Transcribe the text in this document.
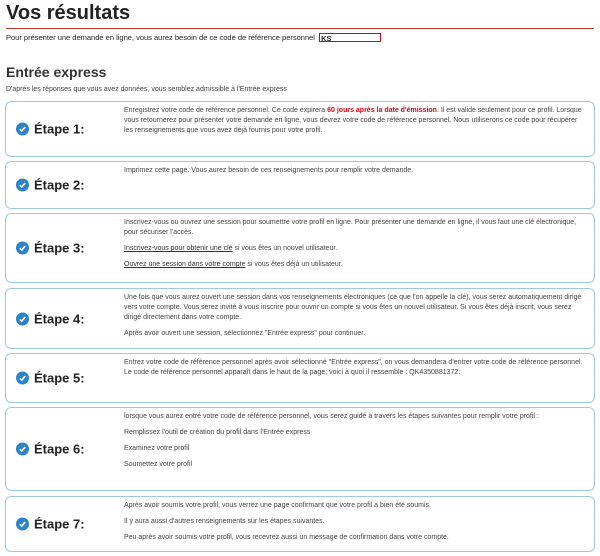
Vos résultats
Pour présenter une demande en ligne, vous aurez besoin de ce code de référence personnel KS
Entrée express
D'après les réponses que vous avez données, vous semblez admissible à l'Entrée express
Étape 1:
Enregistrez votre code de référence personnel. Ce code expirera 60 jours après la date d'émission. Il est valide seulement pour ce profil. Lorsque vous retournerez pour présenter votre demande en ligne, vous devrez votre code de référence personnel. Nous utiliserons ce code pour récupérer les renseignements que vous avez déjà fournis pour votre profil.
Étape 2:

Imprimez cette page. Vous aurez besoin de ces renseignements pour remplir votre demande.

Étape 3:

Inscrivez-vous ou ouvrez une session pour soumettre votre profil en ligne. Pour présenter une demande en ligne, il vous faut une clé électronique, pour sécuriser l'accès.

Inscrivez-vous pour obtenir une clé si vous êtes un nouvel utilisateur.

Ouvrez une session dans votre compte si vous êtes déjà un utilisateur.

Étape 4:

Une fois que vous aurez ouvert une session dans vos renseignements électroniques (ce que l'on appelle la clé), vous serez automatiquement dirigé vers votre compte. Vous serez invité à vous inscrire pour ouvrir un compte si vous êtes un nouvel utilisateur. Si vous êtes déjà inscrit, vous serez dirigé directement dans votre compte.

Après avoir ouvert une session, sélectionnez "Entrée express" pour continuer.

Étape 5:

Entrez votre code de référence personnel après avoir sélectionné "Entrée express", on vous demandera d'entrer votre code de référence personnel. Le code de référence personnel apparaît dans le haut de la page; voici à quoi il ressemble : QK4350881372.

Étape 6:

lorsque vous aurez entré votre code de référence personnel, vous serez guidé à travers les étapes suivantes pour remplir votre profil :

Remplissez l'outil de création du profil dans l'Entrée express

Examinez votre profil

Soumettez votre profil

Étape 7:

Après avoir soumis votre profil, vous verrez une page confirmant que votre profil a bien été soumis.

Il y aura aussi d'autres renseignements sur les étapes suivantes.

Peu après avoir soumis votre profil, vous recevrez aussi un message de confirmation dans votre compte.
